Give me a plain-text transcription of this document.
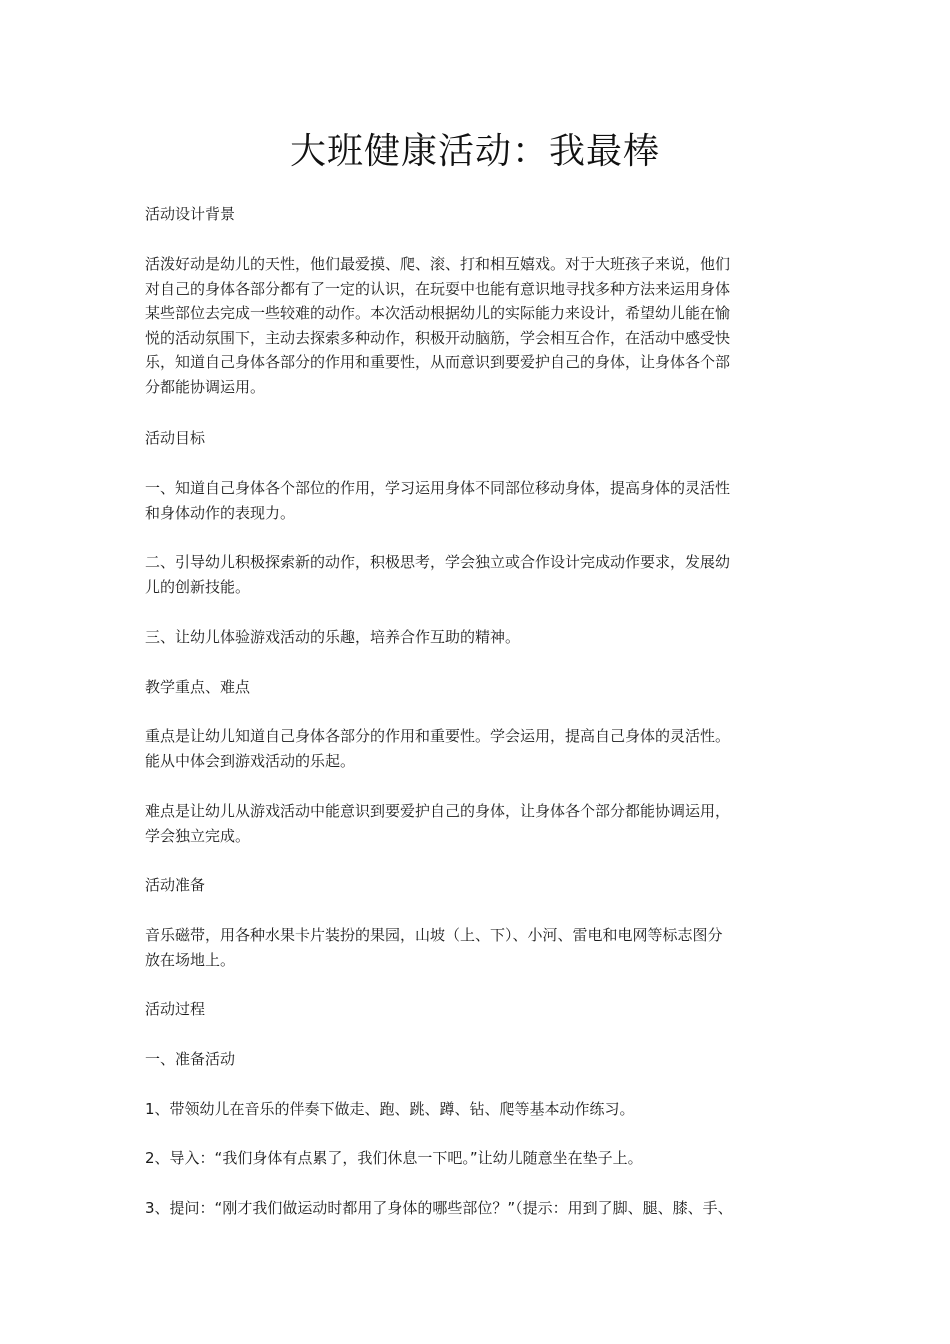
大班健康活动：我最棒

活动设计背景

活泼好动是幼儿的天性，他们最爱摸、爬、滚、打和相互嬉戏。对于大班孩子来说，他们
对自己的身体各部分都有了一定的认识，在玩耍中也能有意识地寻找多种方法来运用身体
某些部位去完成一些较难的动作。本次活动根据幼儿的实际能力来设计，希望幼儿能在愉
悦的活动氛围下，主动去探索多种动作，积极开动脑筋，学会相互合作，在活动中感受快
乐，知道自己身体各部分的作用和重要性，从而意识到要爱护自己的身体，让身体各个部
分都能协调运用。

活动目标

一、知道自己身体各个部位的作用，学习运用身体不同部位移动身体，提高身体的灵活性
和身体动作的表现力。
二、引导幼儿积极探索新的动作，积极思考，学会独立或合作设计完成动作要求，发展幼
儿的创新技能。

三、让幼儿体验游戏活动的乐趣，培养合作互助的精神。

教学重点、难点

重点是让幼儿知道自己身体各部分的作用和重要性。学会运用，提高自己身体的灵活性。
能从中体会到游戏活动的乐起。
难点是让幼儿从游戏活动中能意识到要爱护自己的身体，让身体各个部分都能协调运用，
学会独立完成。

活动准备

音乐磁带，用各种水果卡片装扮的果园，山坡（上、下）、小河、雷电和电网等标志图分
放在场地上。

活动过程

一、准备活动

1、带领幼儿在音乐的伴奏下做走、跑、跳、蹲、钻、爬等基本动作练习。

2、导入：“我们身体有点累了，我们休息一下吧。”让幼儿随意坐在垫子上。

3、提问：“刚才我们做运动时都用了身体的哪些部位？”（提示：用到了脚、腿、膝、手、
